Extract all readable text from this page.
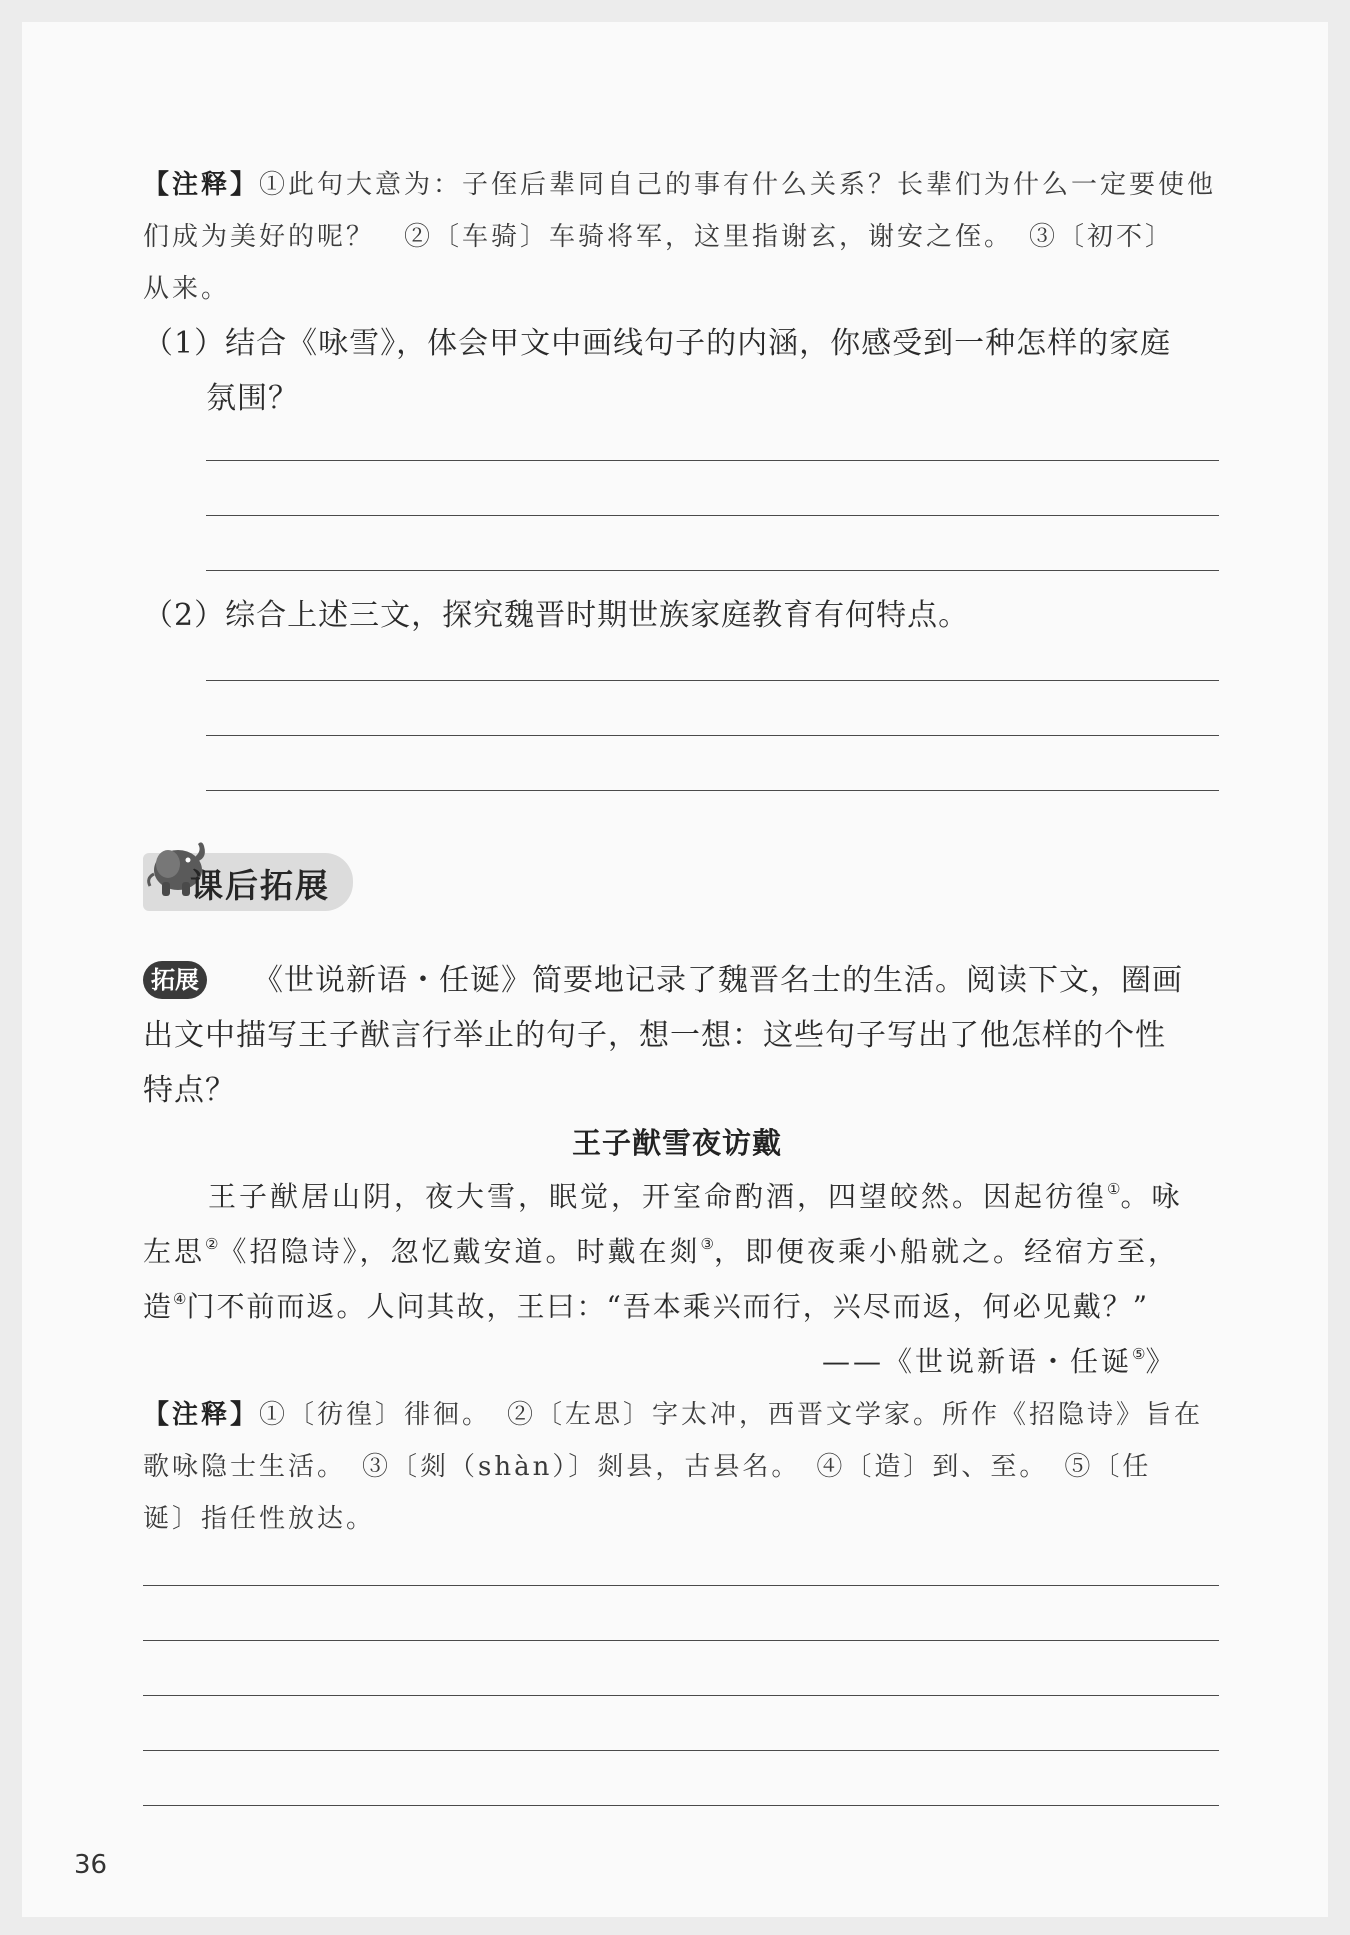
【注释】①此句大意为：子侄后辈同自己的事有什么关系？长辈们为什么一定要使他
们成为美好的呢？　②〔车骑〕车骑将军，这里指谢玄，谢安之侄。　③〔初不〕
从来。
（1）结合《咏雪》，体会甲文中画线句子的内涵，你感受到一种怎样的家庭
氛围？
（2）综合上述三文，探究魏晋时期世族家庭教育有何特点。
课后拓展
拓展 《世说新语・任诞》简要地记录了魏晋名士的生活。阅读下文，圈画
出文中描写王子猷言行举止的句子，想一想：这些句子写出了他怎样的个性
特点？
王子猷雪夜访戴
王子猷居山阴，夜大雪，眠觉，开室命酌酒，四望皎然。因起彷徨①。咏
左思②《招隐诗》，忽忆戴安道。时戴在剡③，即便夜乘小船就之。经宿方至，
造④门不前而返。人问其故，王曰：“吾本乘兴而行，兴尽而返，何必见戴？”
——《世说新语・任诞⑤》
【注释】①〔彷徨〕徘徊。　②〔左思〕字太冲，西晋文学家。所作《招隐诗》旨在
歌咏隐士生活。　③〔剡（shàn）〕剡县，古县名。　④〔造〕到、至。　⑤〔任
诞〕指任性放达。
36
